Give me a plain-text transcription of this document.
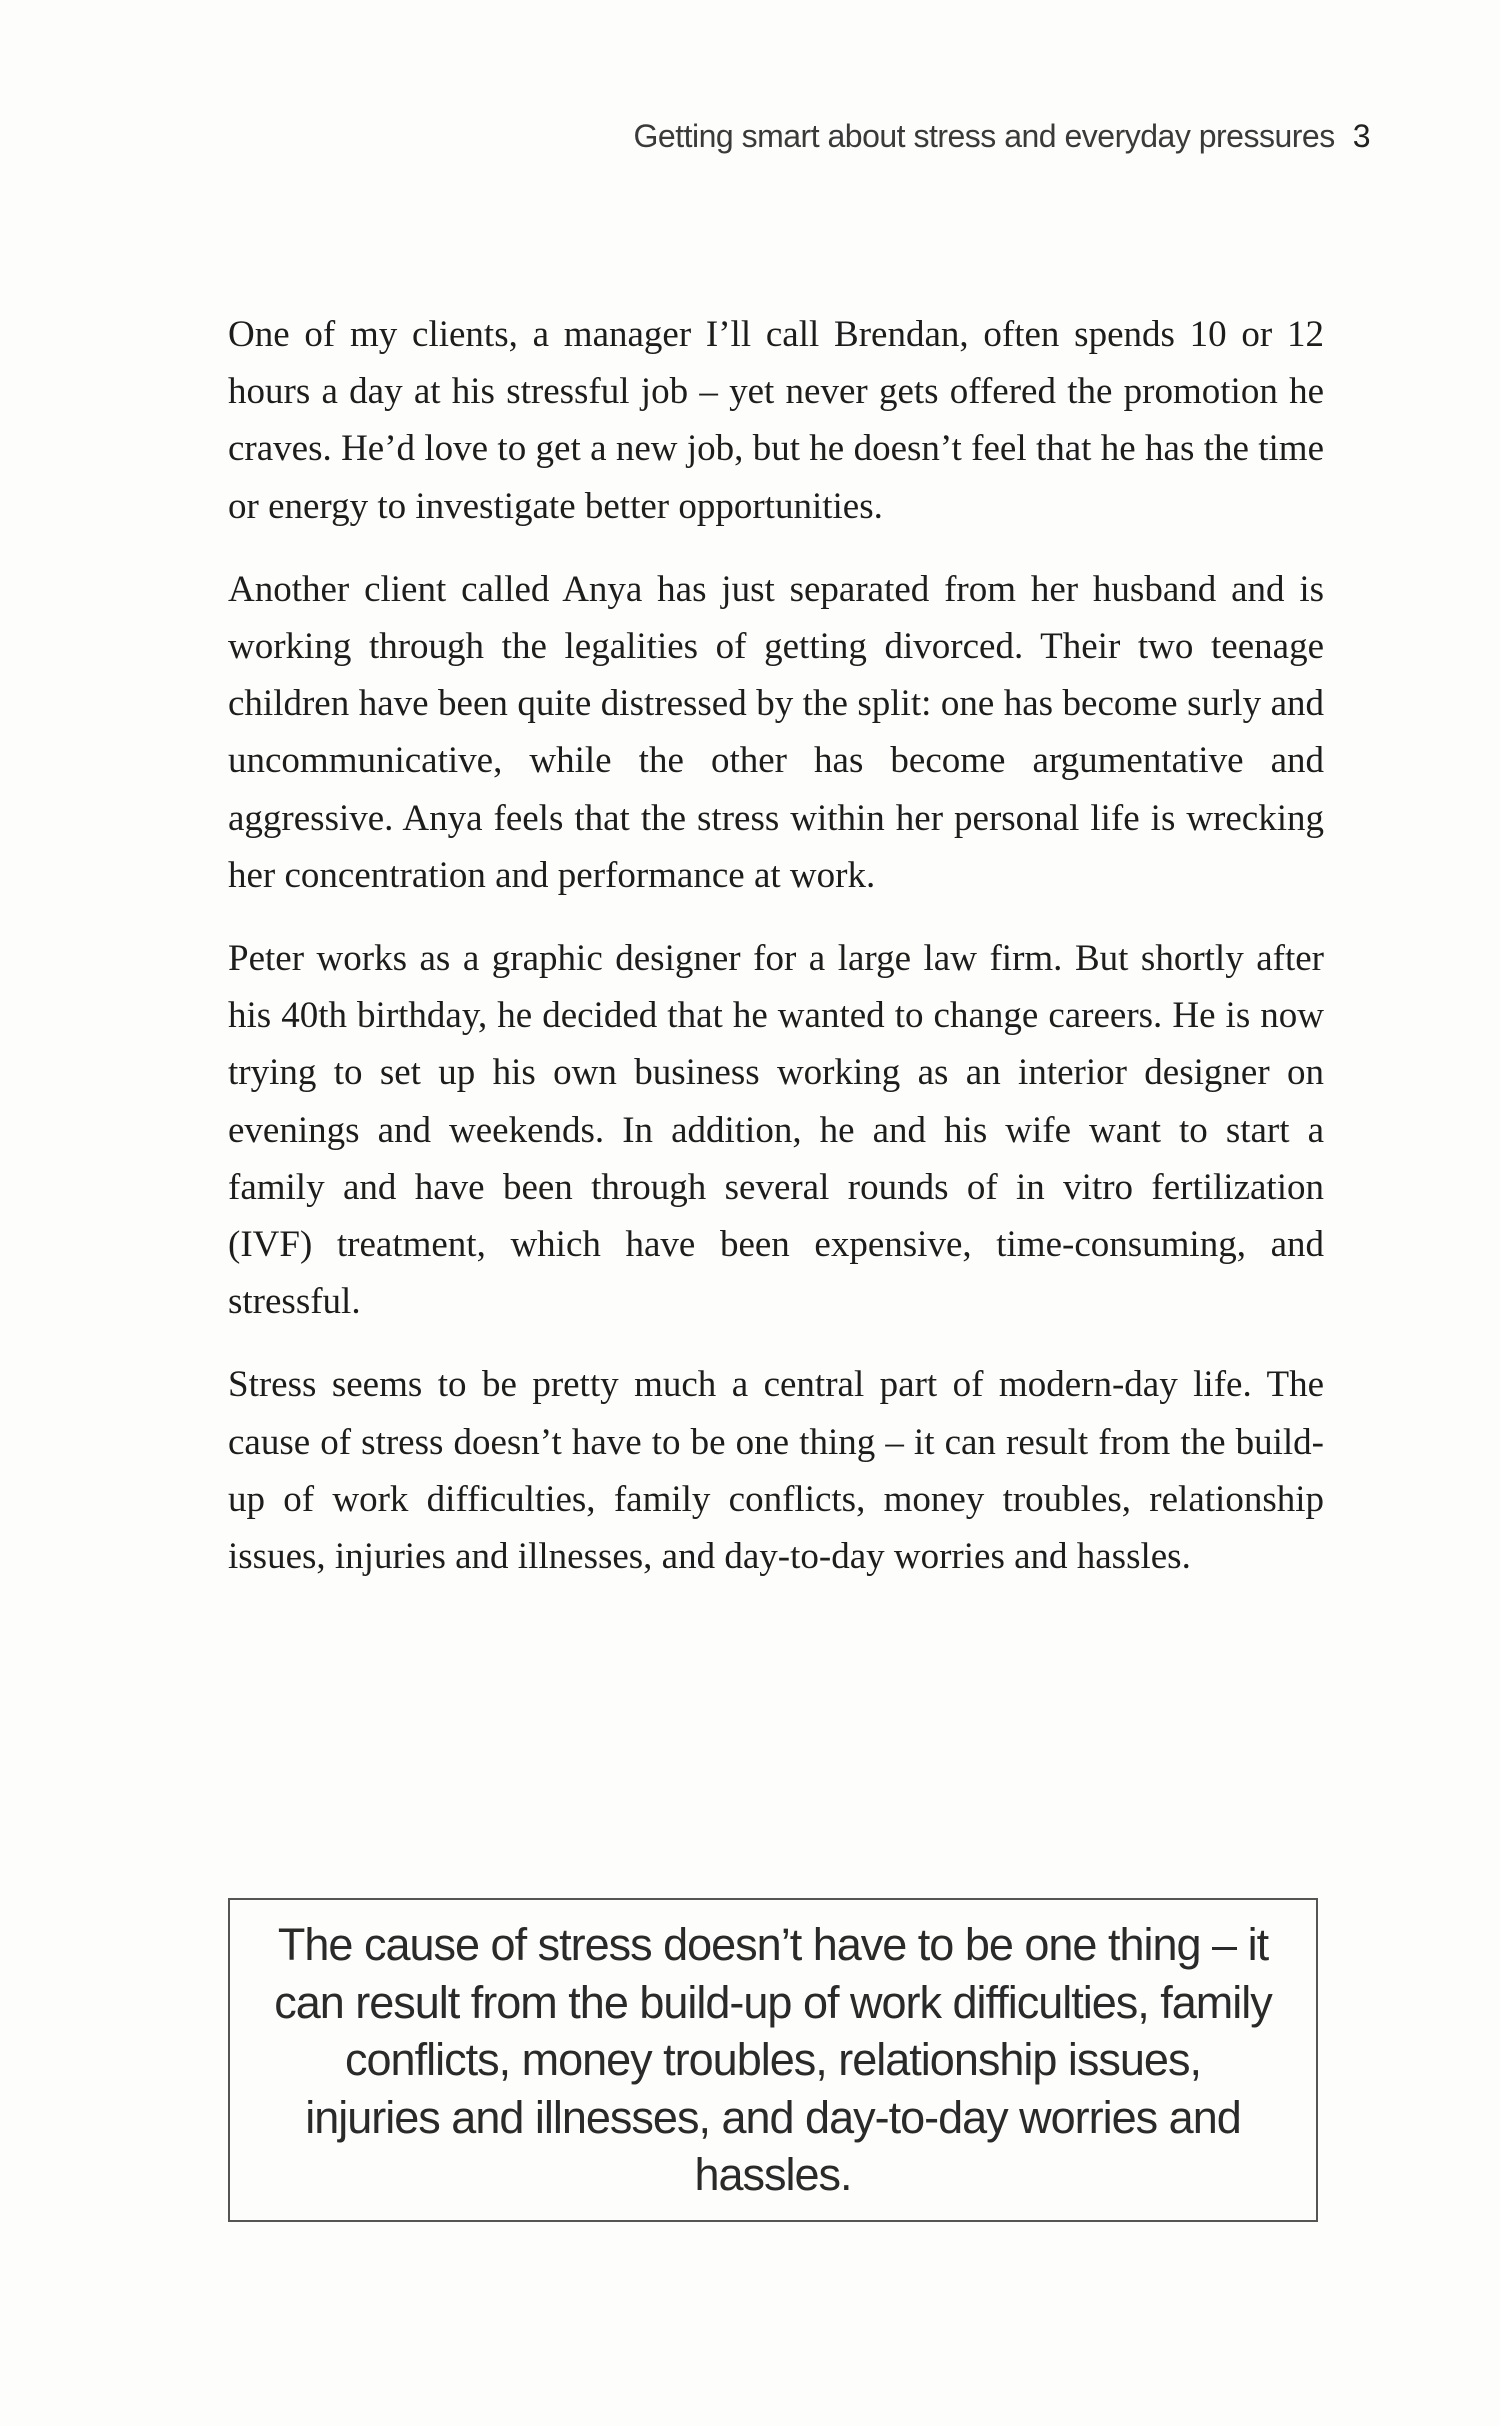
Getting smart about stress and everyday pressures 3

One of my clients, a manager I’ll call Brendan, often spends 10 or 12 hours a day at his stressful job – yet never gets offered the promotion he craves. He’d love to get a new job, but he doesn’t feel that he has the time or energy to investigate better opportunities.

Another client called Anya has just separated from her husband and is working through the legalities of getting divorced. Their two teenage children have been quite distressed by the split: one has become surly and uncommunicative, while the other has become argumentative and aggressive. Anya feels that the stress within her personal life is wrecking her concentration and performance at work.

Peter works as a graphic designer for a large law firm. But shortly after his 40th birthday, he decided that he wanted to change careers. He is now trying to set up his own business working as an interior designer on evenings and weekends. In addition, he and his wife want to start a family and have been through several rounds of in vitro fertilization (IVF) treatment, which have been expensive, time-consuming, and stressful.

Stress seems to be pretty much a central part of modern-day life. The cause of stress doesn’t have to be one thing – it can result from the build-up of work difficulties, family conflicts, money troubles, relationship issues, injuries and illnesses, and day-to-day worries and hassles.

The cause of stress doesn’t have to be one thing – it can result from the build-up of work difficulties, family conflicts, money troubles, relationship issues, injuries and illnesses, and day-to-day worries and hassles.
